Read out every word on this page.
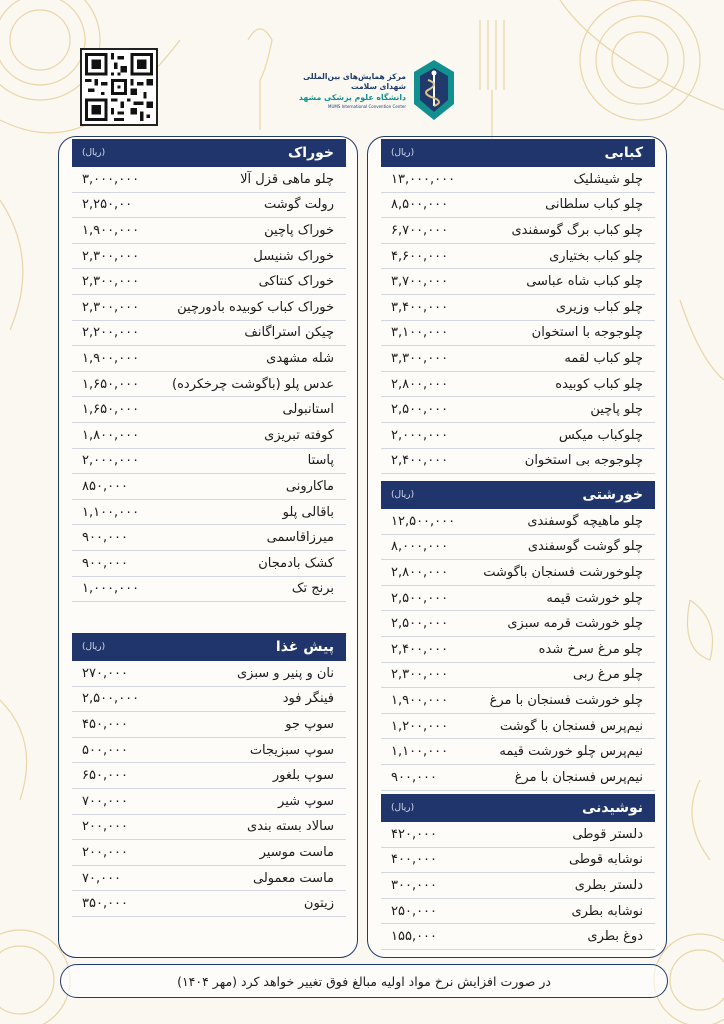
مرکز همایش‌های بین‌المللی شهدای سلامت
دانشگاه علوم پزشکی مشهد
MUMS International Convention Center
خوراک
(ریال)
چلو ماهی قزل آلا
۳,۰۰۰,۰۰۰
رولت گوشت
۲,۲۵۰,۰۰
خوراک پاچین
۱,۹۰۰,۰۰۰
خوراک شنیسل
۲,۳۰۰,۰۰۰
خوراک کنتاکی
۲,۳۰۰,۰۰۰
خوراک کباب کوبیده بادورچین
۲,۳۰۰,۰۰۰
چیکن استراگانف
۲,۲۰۰,۰۰۰
شله مشهدی
۱,۹۰۰,۰۰۰
عدس پلو (باگوشت چرخکرده)
۱,۶۵۰,۰۰۰
استانبولی
۱,۶۵۰,۰۰۰
کوفته تبریزی
۱,۸۰۰,۰۰۰
پاستا
۲,۰۰۰,۰۰۰
ماکارونی
۸۵۰,۰۰۰
باقالی پلو
۱,۱۰۰,۰۰۰
میرزاقاسمی
۹۰۰,۰۰۰
کشک بادمجان
۹۰۰,۰۰۰
برنج تک
۱,۰۰۰,۰۰۰
پیش غذا
(ریال)
نان و پنیر و سبزی
۲۷۰,۰۰۰
فینگر فود
۲,۵۰۰,۰۰۰
سوپ جو
۴۵۰,۰۰۰
سوپ سبزیجات
۵۰۰,۰۰۰
سوپ بلغور
۶۵۰,۰۰۰
سوپ شیر
۷۰۰,۰۰۰
سالاد بسته بندی
۲۰۰,۰۰۰
ماست موسیر
۲۰۰,۰۰۰
ماست معمولی
۷۰,۰۰۰
زیتون
۳۵۰,۰۰۰
کبابی
(ریال)
چلو شیشلیک
۱۳,۰۰۰,۰۰۰
چلو کباب سلطانی
۸,۵۰۰,۰۰۰
چلو کباب برگ گوسفندی
۶,۷۰۰,۰۰۰
چلو کباب بختیاری
۴,۶۰۰,۰۰۰
چلو کباب شاه عباسی
۳,۷۰۰,۰۰۰
چلو کباب وزیری
۳,۴۰۰,۰۰۰
چلوجوجه با استخوان
۳,۱۰۰,۰۰۰
چلو کباب لقمه
۳,۳۰۰,۰۰۰
چلو کباب کوبیده
۲,۸۰۰,۰۰۰
چلو پاچین
۲,۵۰۰,۰۰۰
چلوکباب میکس
۲,۰۰۰,۰۰۰
چلوجوجه بی استخوان
۲,۴۰۰,۰۰۰
خورشتی
(ریال)
چلو ماهیچه گوسفندی
۱۲,۵۰۰,۰۰۰
چلو گوشت گوسفندی
۸,۰۰۰,۰۰۰
چلوخورشت فسنجان باگوشت
۲,۸۰۰,۰۰۰
چلو خورشت قیمه
۲,۵۰۰,۰۰۰
چلو خورشت قرمه سبزی
۲,۵۰۰,۰۰۰
چلو مرغ سرخ شده
۲,۴۰۰,۰۰۰
چلو مرغ ربی
۲,۳۰۰,۰۰۰
چلو خورشت فسنجان با مرغ
۱,۹۰۰,۰۰۰
نیم‌پرس فسنجان با گوشت
۱,۲۰۰,۰۰۰
نیم‌پرس چلو خورشت قیمه
۱,۱۰۰,۰۰۰
نیم‌پرس فسنجان با مرغ
۹۰۰,۰۰۰
نوشیدنی
(ریال)
دلستر قوطی
۴۲۰,۰۰۰
نوشابه قوطی
۴۰۰,۰۰۰
دلستر بطری
۳۰۰,۰۰۰
نوشابه بطری
۲۵۰,۰۰۰
دوغ بطری
۱۵۵,۰۰۰
در صورت افزایش نرخ مواد اولیه مبالغ فوق تغییر خواهد کرد (مهر ۱۴۰۴)
